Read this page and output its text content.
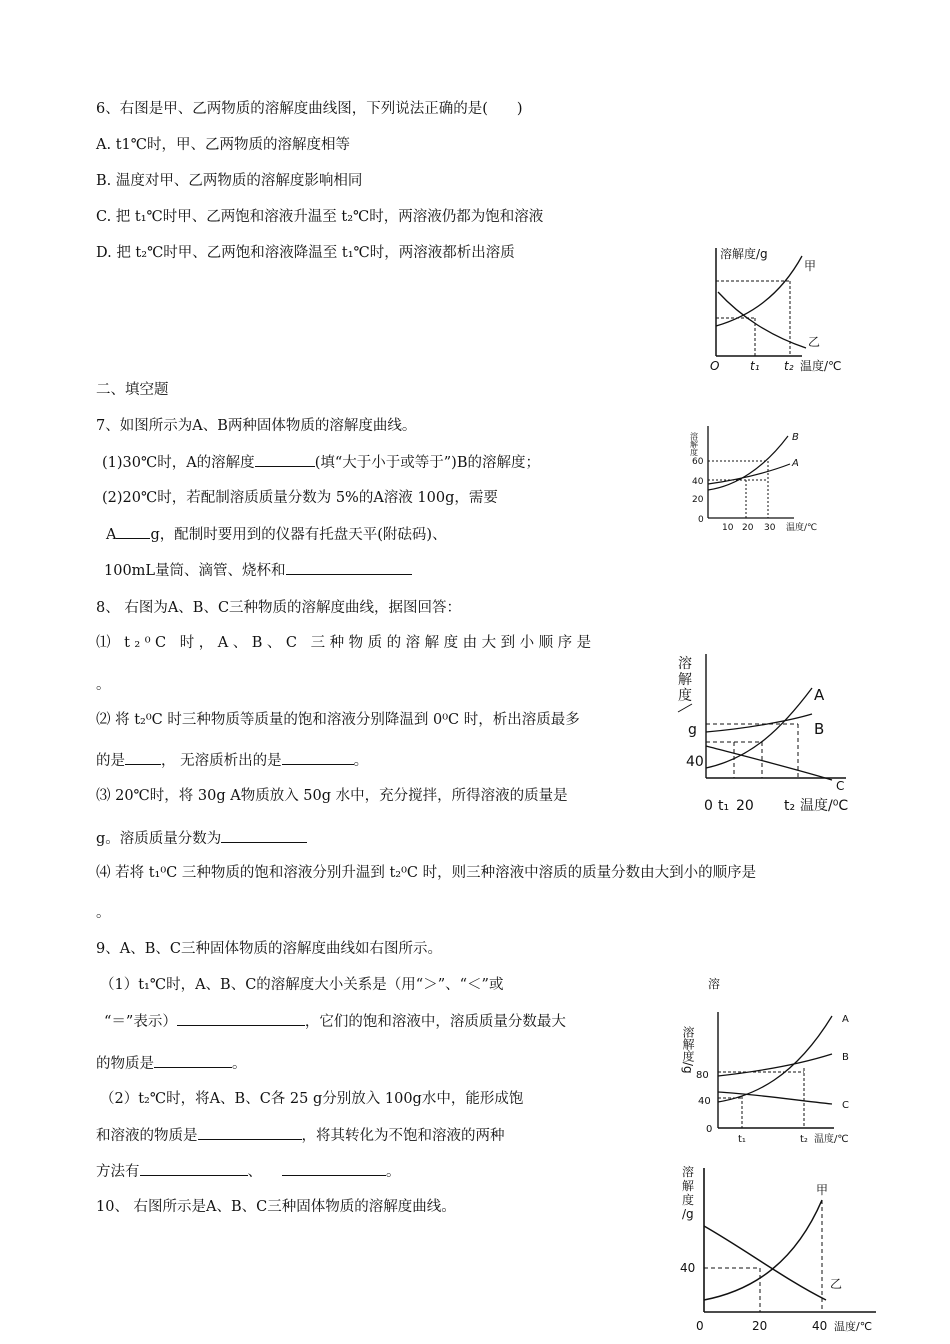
6、右图是甲、乙两物质的溶解度曲线图，下列说法正确的是(　　)
A. t1℃时，甲、乙两物质的溶解度相等
B. 温度对甲、乙两物质的溶解度影响相同
C. 把 t₁℃时甲、乙两饱和溶液升温至 t₂℃时，两溶液仍都为饱和溶液
D. 把 t₂℃时甲、乙两饱和溶液降温至 t₁℃时，两溶液都析出溶质	溶解度/g
甲
乙
O	t₁ t₂ 温度/℃
二、填空题
7、如图所示为A、B两种固体物质的溶解度曲线。
(1)30℃时，A的溶解度	(填“大于小于或等于”)B的溶解度；
(2)20℃时，若配制溶质质量分数为 5%的A溶液 100g，需要
A g，配制时要用到的仪器有托盘天平(附砝码)、
100mL量筒、滴管、烧杯和
溶解度	B
A
60
40
20
0
10 20 30 温度/℃
8、 右图为A、B、C三种物质的溶解度曲线，据图回答：
⑴ t₂⁰C 时，A、B、C 三种物质的溶解度由大到小顺序是
。
⑵ 将 t₂⁰C 时三种物质等质量的饱和溶液分别降温到 0⁰C 时，析出溶质最多
的是 ， 无溶质析出的是	。
⑶ 20℃时，将 30g A物质放入 50g 水中，充分搅拌，所得溶液的质量是
g。溶质质量分数为
⑷ 若将 t₁⁰C 三种物质的饱和溶液分别升温到 t₂⁰C 时，则三种溶液中溶质的质量分数由大到小的顺序是
。
溶
解
度
g
40
A
B
C
0 t₁ 20 t₂ 温度/⁰C
9、A、B、C三种固体物质的溶解度曲线如右图所示。
（1）t₁℃时，A、B、C的溶解度大小关系是（用“＞”、“＜”或
“＝”表示）	，它们的饱和溶液中，溶质质量分数最大
的物质是	。
（2）t₂℃时，将A、B、C各 25 g分别放入 100g水中，能形成饱
和溶液的物质是	，将其转化为不饱和溶液的两种
方法有	、	。
溶
溶解度/g
80
40
0
t₁	t₂ 温度/℃
A
B
C
10、 右图所示是A、B、C三种固体物质的溶解度曲线。
溶
解
度
/g
40
0	20	40 温度/℃
甲
乙
